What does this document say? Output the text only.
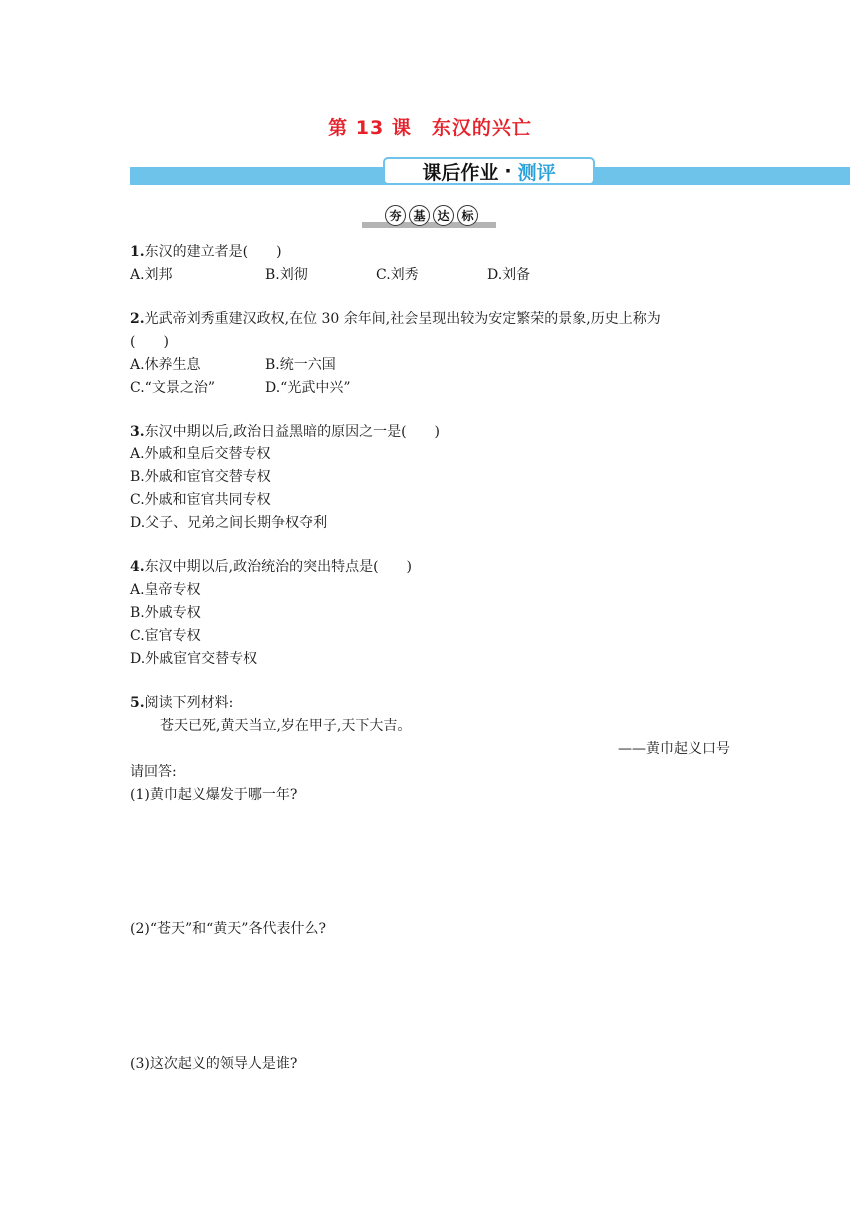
第 13 课　东汉的兴亡
课后作业 · 测评
夯 基 达 标
1.东汉的建立者是(　　)
A.刘邦	B.刘彻	C.刘秀	D.刘备
2.光武帝刘秀重建汉政权,在位 30 余年间,社会呈现出较为安定繁荣的景象,历史上称为
(　　)
A.休养生息	B.统一六国
C.“文景之治”	D.“光武中兴”
3.东汉中期以后,政治日益黑暗的原因之一是(　　)
A.外戚和皇后交替专权
B.外戚和宦官交替专权
C.外戚和宦官共同专权
D.父子、兄弟之间长期争权夺利
4.东汉中期以后,政治统治的突出特点是(　　)
A.皇帝专权
B.外戚专权
C.宦官专权
D.外戚宦官交替专权
5.阅读下列材料:
苍天已死,黄天当立,岁在甲子,天下大吉。
——黄巾起义口号
请回答:
(1)黄巾起义爆发于哪一年?
(2)“苍天”和“黄天”各代表什么?
(3)这次起义的领导人是谁?
